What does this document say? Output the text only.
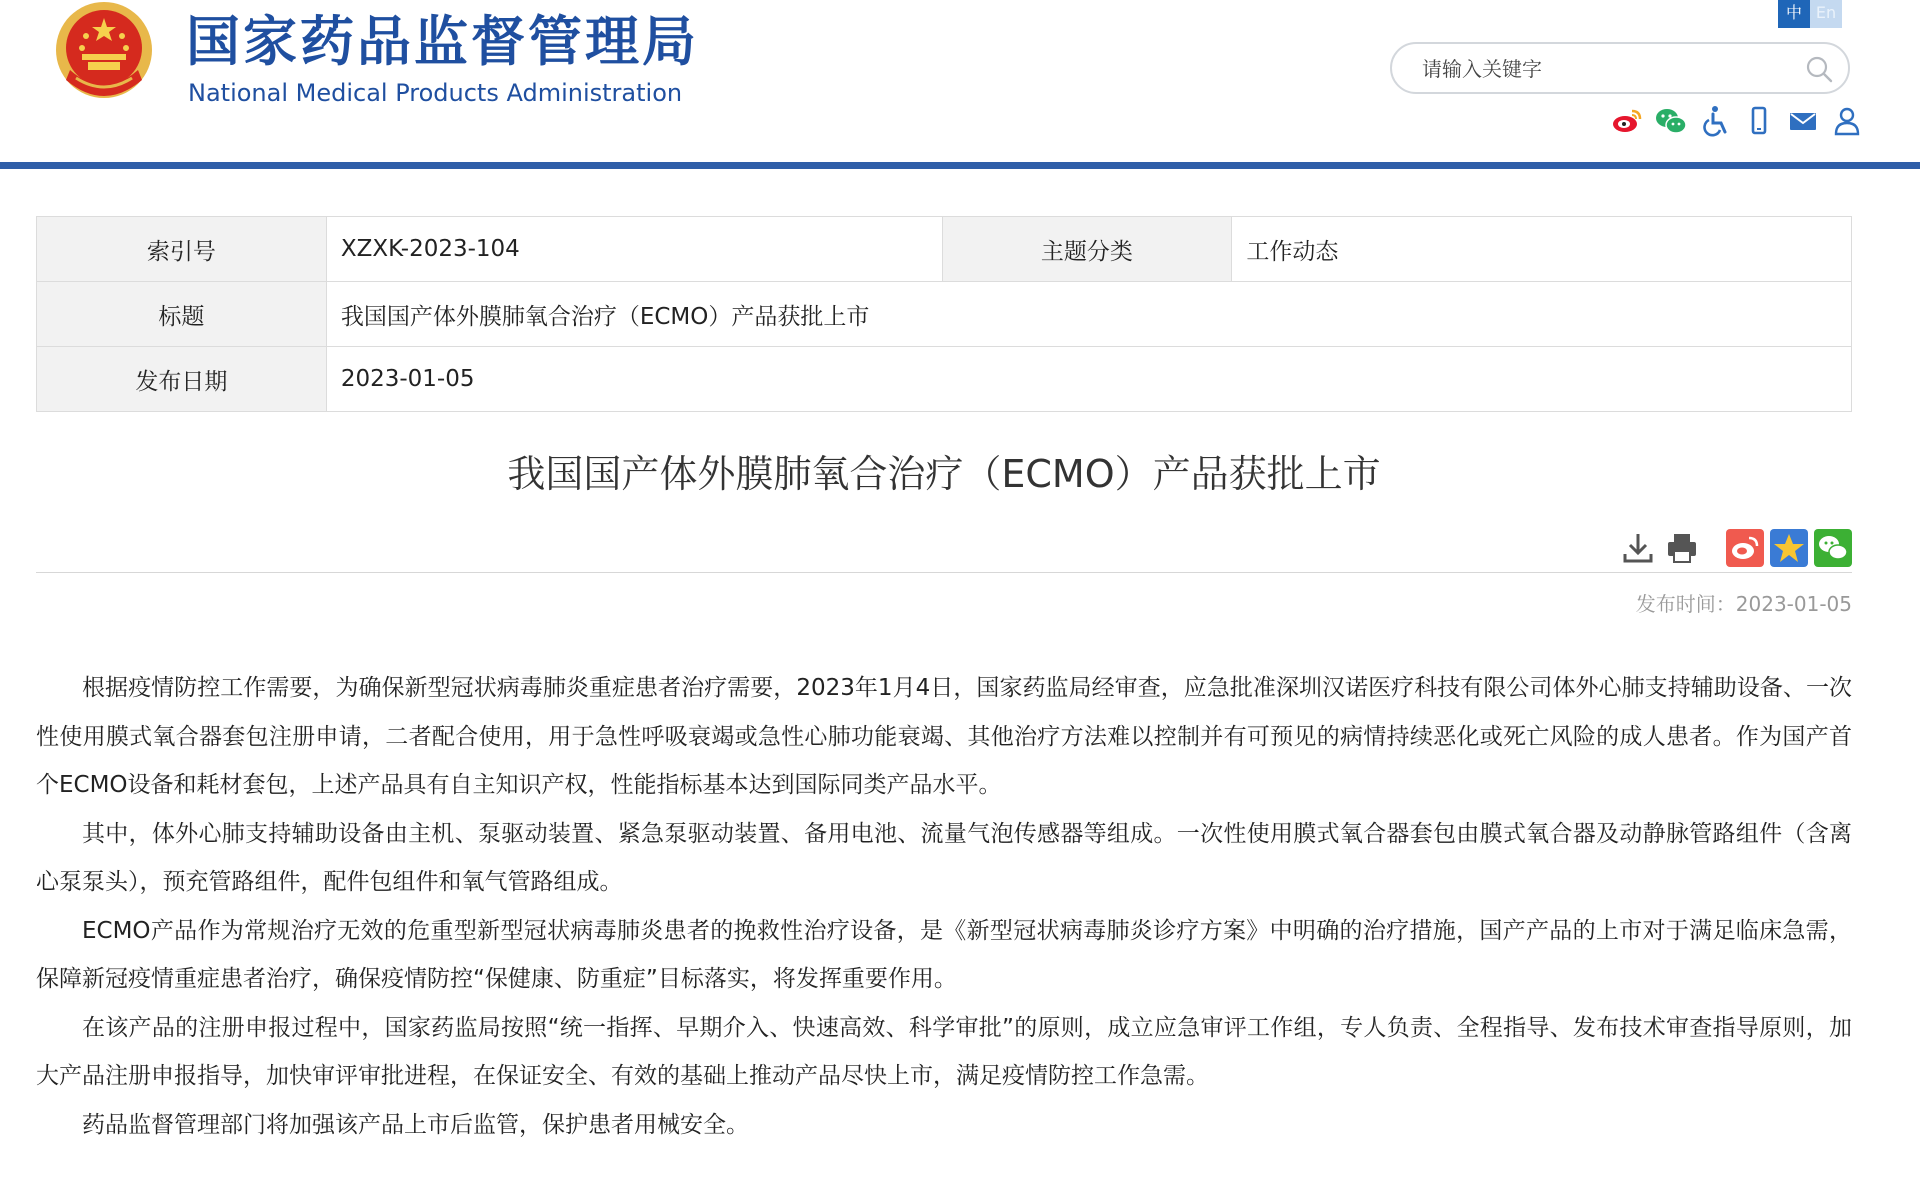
国家药品监督管理局
National Medical Products Administration
中 En
请输入关键字
索引号	XZXK-2023-104	主题分类	工作动态
标题	我国国产体外膜肺氧合治疗（ECMO）产品获批上市		
发布日期	2023-01-05		
我国国产体外膜肺氧合治疗（ECMO）产品获批上市
发布时间：2023-01-05

根据疫情防控工作需要，为确保新型冠状病毒肺炎重症患者治疗需要，2023年1月4日，国家药监局经审查，应急批准深圳汉诺医疗科技有限公司体外心肺支持辅助设备、一次性使用膜式氧合器套包注册申请，二者配合使用，用于急性呼吸衰竭或急性心肺功能衰竭、其他治疗方法难以控制并有可预见的病情持续恶化或死亡风险的成人患者。作为国产首个ECMO设备和耗材套包，上述产品具有自主知识产权，性能指标基本达到国际同类产品水平。

其中，体外心肺支持辅助设备由主机、泵驱动装置、紧急泵驱动装置、备用电池、流量气泡传感器等组成。一次性使用膜式氧合器套包由膜式氧合器及动静脉管路组件（含离心泵泵头），预充管路组件，配件包组件和氧气管路组成。

ECMO产品作为常规治疗无效的危重型新型冠状病毒肺炎患者的挽救性治疗设备，是《新型冠状病毒肺炎诊疗方案》中明确的治疗措施，国产产品的上市对于满足临床急需，保障新冠疫情重症患者治疗，确保疫情防控“保健康、防重症”目标落实，将发挥重要作用。

在该产品的注册申报过程中，国家药监局按照“统一指挥、早期介入、快速高效、科学审批”的原则，成立应急审评工作组，专人负责、全程指导、发布技术审查指导原则，加大产品注册申报指导，加快审评审批进程，在保证安全、有效的基础上推动产品尽快上市，满足疫情防控工作急需。

药品监督管理部门将加强该产品上市后监管，保护患者用械安全。
